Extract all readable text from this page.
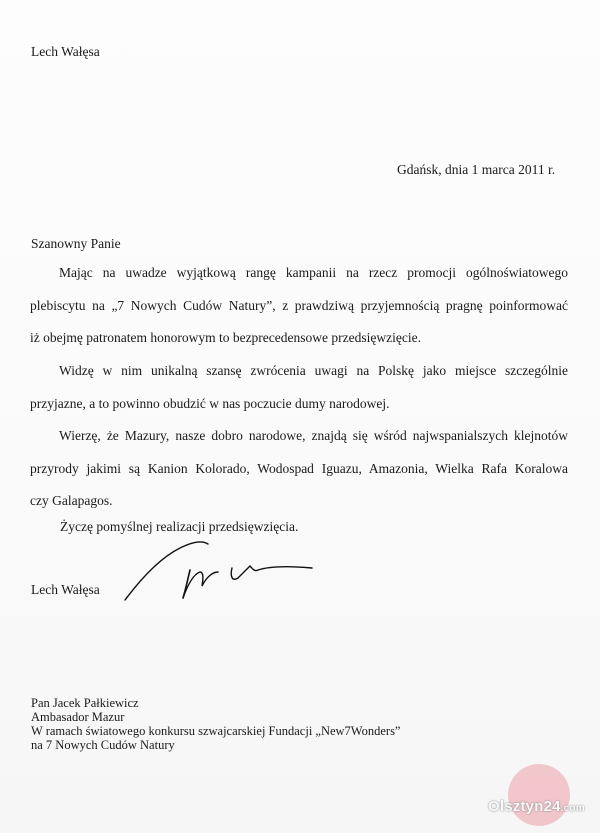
Lech Wałęsa
Gdańsk, dnia 1 marca 2011 r.
Szanowny Panie
Mając na uwadze wyjątkową rangę kampanii na rzecz promocji ogólnoświatowego
plebiscytu na „7 Nowych Cudów Natury”, z prawdziwą przyjemnością pragnę poinformować
iż obejmę patronatem honorowym to bezprecedensowe przedsięwzięcie.
Widzę w nim unikalną szansę zwrócenia uwagi na Polskę jako miejsce szczególnie
przyjazne, a to powinno obudzić w nas poczucie dumy narodowej.
Wierzę, że Mazury, nasze dobro narodowe, znajdą się wśród najwspanialszych klejnotów
przyrody jakimi są Kanion Kolorado, Wodospad Iguazu, Amazonia, Wielka Rafa Koralowa
czy Galapagos.
Życzę pomyślnej realizacji przedsięwzięcia.
Lech Wałęsa
Pan Jacek Pałkiewicz
Ambasador Mazur
W ramach światowego konkursu szwajcarskiej Fundacji „New7Wonders”
na 7 Nowych Cudów Natury
Olsztyn24.com
